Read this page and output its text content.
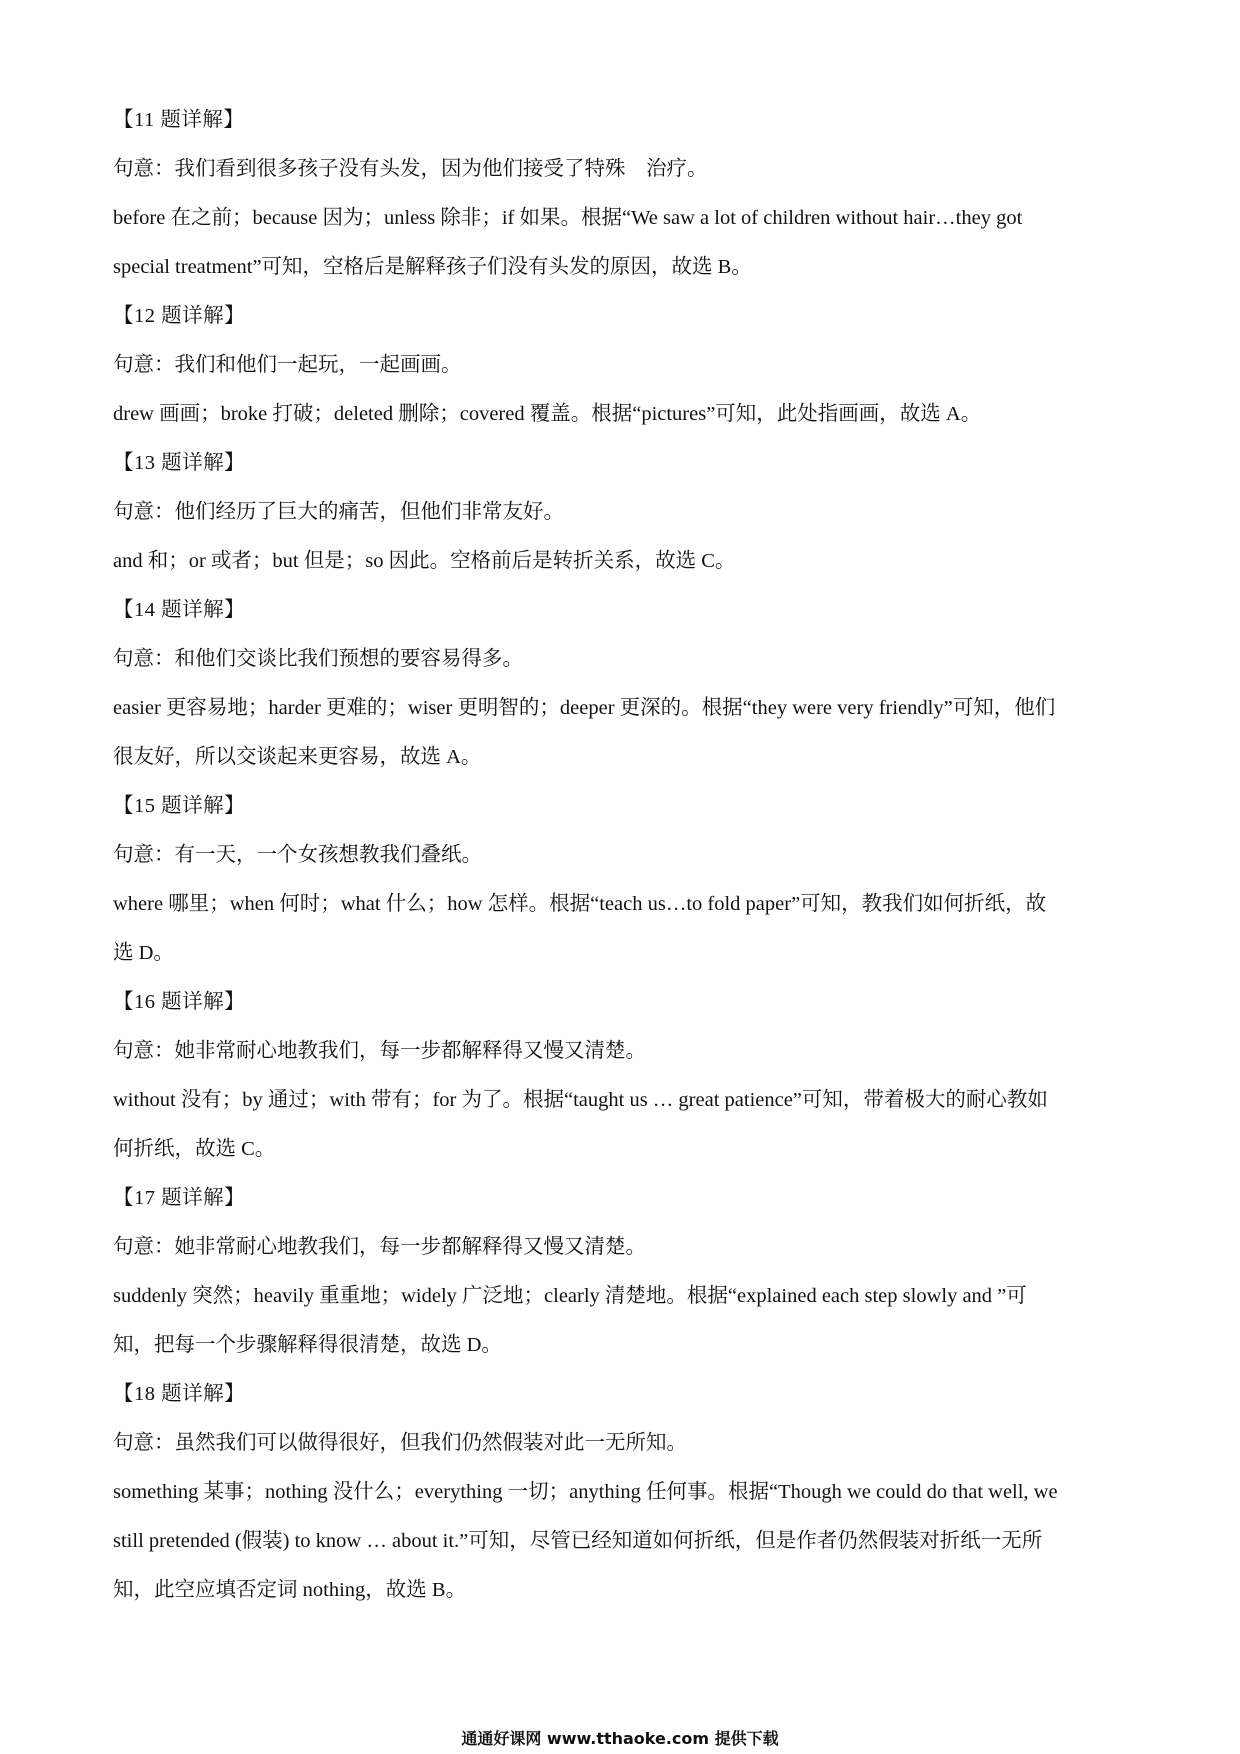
【11 题详解】
句意：我们看到很多孩子没有头发，因为他们接受了特殊　治疗。
before 在之前；because 因为；unless 除非；if 如果。根据“We saw a lot of children without hair…they got
special treatment”可知，空格后是解释孩子们没有头发的原因，故选 B。
【12 题详解】
句意：我们和他们一起玩，一起画画。
drew 画画；broke 打破；deleted 删除；covered 覆盖。根据“pictures”可知，此处指画画，故选 A。
【13 题详解】
句意：他们经历了巨大的痛苦，但他们非常友好。
and 和；or 或者；but 但是；so 因此。空格前后是转折关系，故选 C。
【14 题详解】
句意：和他们交谈比我们预想的要容易得多。
easier 更容易地；harder 更难的；wiser 更明智的；deeper 更深的。根据“they were very friendly”可知，他们
很友好，所以交谈起来更容易，故选 A。
【15 题详解】
句意：有一天，一个女孩想教我们叠纸。
where 哪里；when 何时；what 什么；how 怎样。根据“teach us…to fold paper”可知，教我们如何折纸，故
选 D。
【16 题详解】
句意：她非常耐心地教我们，每一步都解释得又慢又清楚。
without 没有；by 通过；with 带有；for 为了。根据“taught us … great patience”可知，带着极大的耐心教如
何折纸，故选 C。
【17 题详解】
句意：她非常耐心地教我们，每一步都解释得又慢又清楚。
suddenly 突然；heavily 重重地；widely 广泛地；clearly 清楚地。根据“explained each step slowly and ”可
知，把每一个步骤解释得很清楚，故选 D。
【18 题详解】
句意：虽然我们可以做得很好，但我们仍然假装对此一无所知。
something 某事；nothing 没什么；everything 一切；anything 任何事。根据“Though we could do that well, we
still pretended (假装) to know … about it.”可知，尽管已经知道如何折纸，但是作者仍然假装对折纸一无所
知，此空应填否定词 nothing，故选 B。
通通好课网 www.tthaoke.com 提供下载
